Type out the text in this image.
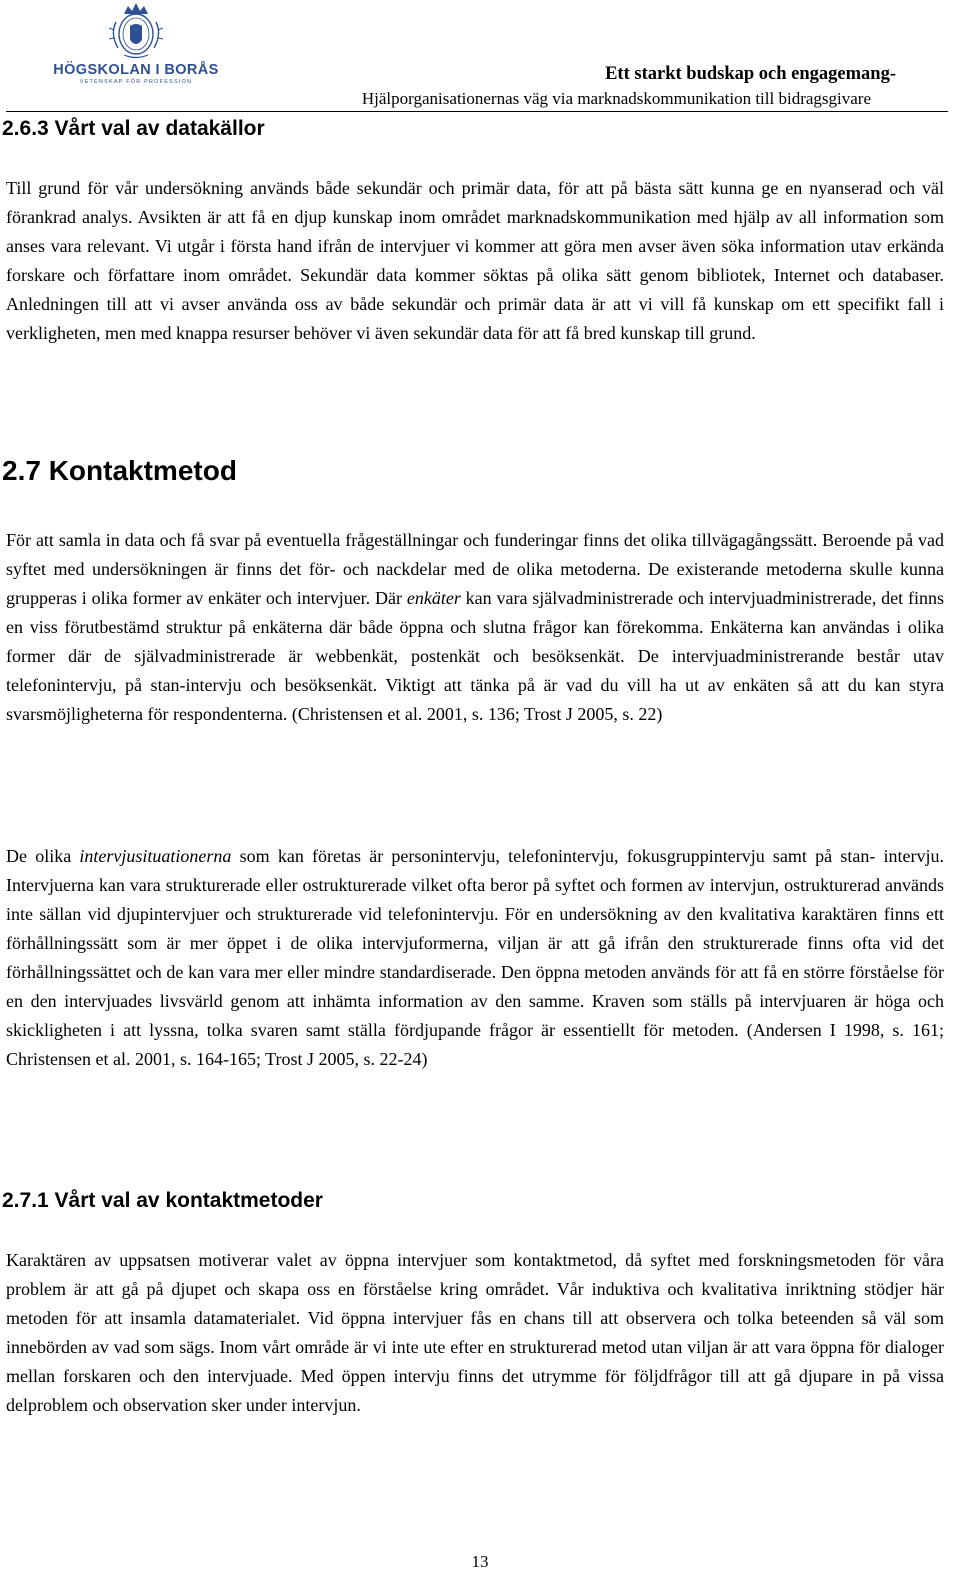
HÖGSKOLAN I BORÅS
VETENSKAP FÖR PROFESSION	Ett starkt budskap och engagemang-
Hjälporganisationernas väg via marknadskommunikation till bidragsgivare
2.6.3 Vårt val av datakällor

Till grund för vår undersökning används både sekundär och primär data, för att på bästa sätt kunna ge en nyanserad och väl förankrad analys. Avsikten är att få en djup kunskap inom området marknadskommunikation med hjälp av all information som anses vara relevant. Vi utgår i första hand ifrån de intervjuer vi kommer att göra men avser även söka information utav erkända forskare och författare inom området. Sekundär data kommer söktas på olika sätt genom bibliotek, Internet och databaser. Anledningen till att vi avser använda oss av både sekundär och primär data är att vi vill få kunskap om ett specifikt fall i verkligheten, men med knappa resurser behöver vi även sekundär data för att få bred kunskap till grund.

2.7 Kontaktmetod

För att samla in data och få svar på eventuella frågeställningar och funderingar finns det olika tillvägagångssätt. Beroende på vad syftet med undersökningen är finns det för- och nackdelar med de olika metoderna. De existerande metoderna skulle kunna grupperas i olika former av enkäter och intervjuer. Där enkäter kan vara självadministrerade och intervjuadministrerade, det finns en viss förutbestämd struktur på enkäterna där både öppna och slutna frågor kan förekomma. Enkäterna kan användas i olika former där de självadministrerade är webbenkät, postenkät och besöksenkät. De intervjuadministrerande består utav telefonintervju, på stan-intervju och besöksenkät. Viktigt att tänka på är vad du vill ha ut av enkäten så att du kan styra svarsmöjligheterna för respondenterna. (Christensen et al. 2001, s. 136; Trost J 2005, s. 22)

De olika intervjusituationerna som kan företas är personintervju, telefonintervju, fokusgruppintervju samt på stan- intervju. Intervjuerna kan vara strukturerade eller ostrukturerade vilket ofta beror på syftet och formen av intervjun, ostrukturerad används inte sällan vid djupintervjuer och strukturerade vid telefonintervju. För en undersökning av den kvalitativa karaktären finns ett förhållningssätt som är mer öppet i de olika intervjuformerna, viljan är att gå ifrån den strukturerade finns ofta vid det förhållningssättet och de kan vara mer eller mindre standardiserade. Den öppna metoden används för att få en större förståelse för en den intervjuades livsvärld genom att inhämta information av den samme. Kraven som ställs på intervjuaren är höga och skickligheten i att lyssna, tolka svaren samt ställa fördjupande frågor är essentiellt för metoden. (Andersen I 1998, s. 161; Christensen et al. 2001, s. 164-165; Trost J 2005, s. 22-24)

2.7.1 Vårt val av kontaktmetoder

Karaktären av uppsatsen motiverar valet av öppna intervjuer som kontaktmetod, då syftet med forskningsmetoden för våra problem är att gå på djupet och skapa oss en förståelse kring området. Vår induktiva och kvalitativa inriktning stödjer här metoden för att insamla datamaterialet. Vid öppna intervjuer fås en chans till att observera och tolka beteenden så väl som innebörden av vad som sägs. Inom vårt område är vi inte ute efter en strukturerad metod utan viljan är att vara öppna för dialoger mellan forskaren och den intervjuade. Med öppen intervju finns det utrymme för följdfrågor till att gå djupare in på vissa delproblem och observation sker under intervjun.

13
